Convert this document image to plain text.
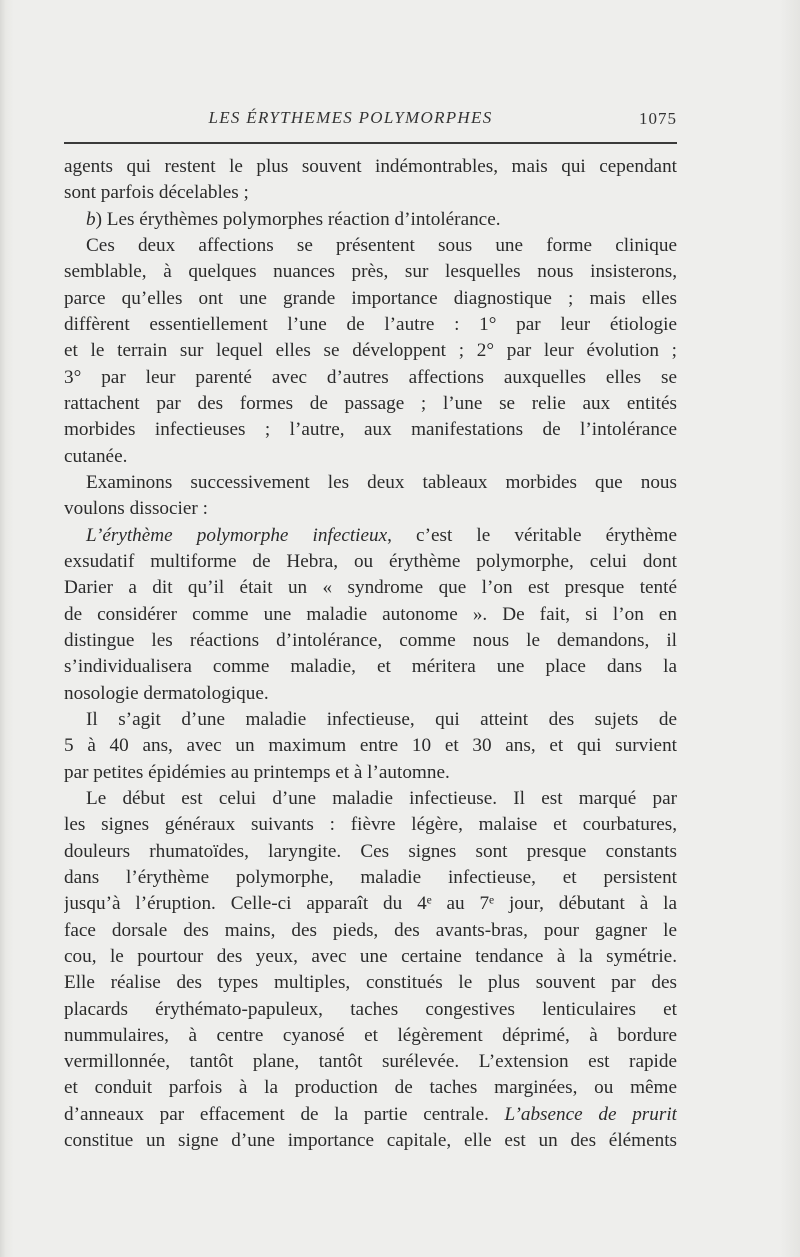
LES ÉRYTHEMES POLYMORPHES	1075
agents qui restent le plus souvent indémontrables, mais qui cependant
sont parfois décelables ;
b) Les érythèmes polymorphes réaction d’intolérance.
Ces deux affections se présentent sous une forme clinique
semblable, à quelques nuances près, sur lesquelles nous insisterons,
parce qu’elles ont une grande importance diagnostique ; mais elles
diffèrent essentiellement l’une de l’autre : 1° par leur étiologie
et le terrain sur lequel elles se développent ; 2° par leur évolution ;
3° par leur parenté avec d’autres affections auxquelles elles se
rattachent par des formes de passage ; l’une se relie aux entités
morbides infectieuses ; l’autre, aux manifestations de l’intolérance
cutanée.
Examinons successivement les deux tableaux morbides que nous
voulons dissocier :
L’érythème polymorphe infectieux, c’est le véritable érythème
exsudatif multiforme de Hebra, ou érythème polymorphe, celui dont
Darier a dit qu’il était un « syndrome que l’on est presque tenté
de considérer comme une maladie autonome ». De fait, si l’on en
distingue les réactions d’intolérance, comme nous le demandons, il
s’individualisera comme maladie, et méritera une place dans la
nosologie dermatologique.
Il s’agit d’une maladie infectieuse, qui atteint des sujets de
5 à 40 ans, avec un maximum entre 10 et 30 ans, et qui survient
par petites épidémies au printemps et à l’automne.
Le début est celui d’une maladie infectieuse. Il est marqué par
les signes généraux suivants : fièvre légère, malaise et courbatures,
douleurs rhumatoïdes, laryngite. Ces signes sont presque constants
dans l’érythème polymorphe, maladie infectieuse, et persistent
jusqu’à l’éruption. Celle-ci apparaît du 4ᵉ au 7ᵉ jour, débutant à la
face dorsale des mains, des pieds, des avants-bras, pour gagner le
cou, le pourtour des yeux, avec une certaine tendance à la symétrie.
Elle réalise des types multiples, constitués le plus souvent par des
placards érythémato-papuleux, taches congestives lenticulaires et
nummulaires, à centre cyanosé et légèrement déprimé, à bordure
vermillonnée, tantôt plane, tantôt surélevée. L’extension est rapide
et conduit parfois à la production de taches marginées, ou même
d’anneaux par effacement de la partie centrale. L’absence de prurit
constitue un signe d’une importance capitale, elle est un des éléments
